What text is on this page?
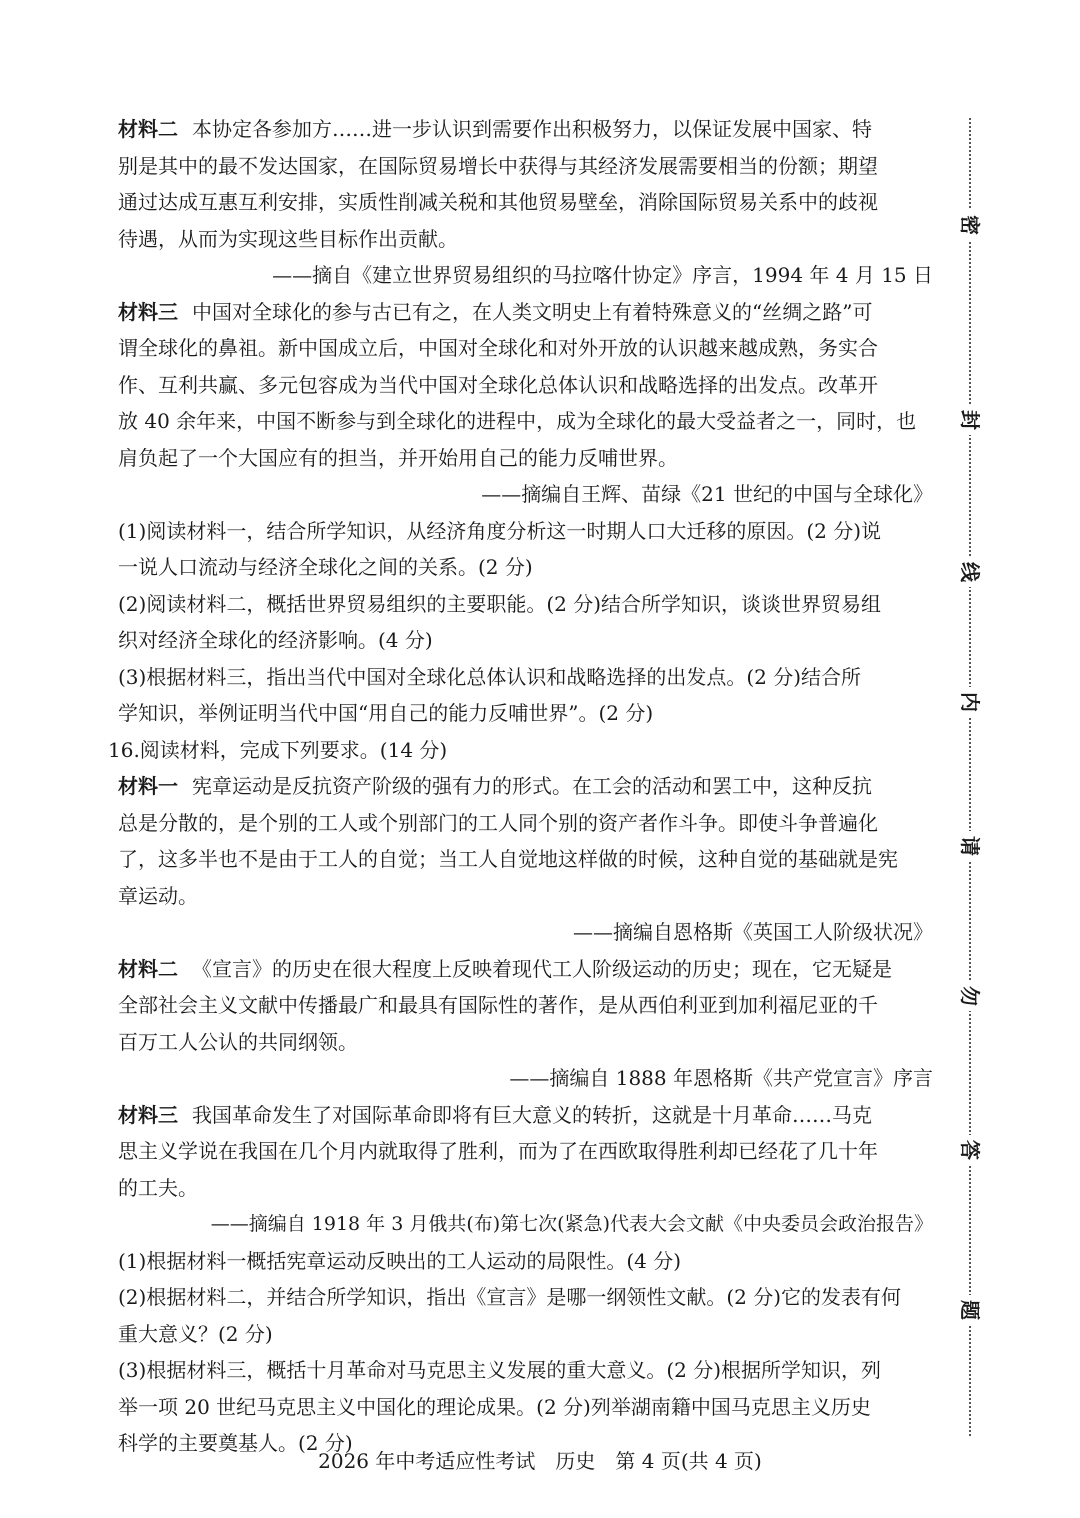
材料二 本协定各参加方……进一步认识到需要作出积极努力，以保证发展中国家、特
别是其中的最不发达国家，在国际贸易增长中获得与其经济发展需要相当的份额；期望
通过达成互惠互利安排，实质性削减关税和其他贸易壁垒，消除国际贸易关系中的歧视
待遇，从而为实现这些目标作出贡献。
——摘自《建立世界贸易组织的马拉喀什协定》序言，1994 年 4 月 15 日
材料三 中国对全球化的参与古已有之，在人类文明史上有着特殊意义的“丝绸之路”可
谓全球化的鼻祖。新中国成立后，中国对全球化和对外开放的认识越来越成熟，务实合
作、互利共赢、多元包容成为当代中国对全球化总体认识和战略选择的出发点。改革开
放 40 余年来，中国不断参与到全球化的进程中，成为全球化的最大受益者之一，同时，也
肩负起了一个大国应有的担当，并开始用自己的能力反哺世界。
——摘编自王辉、苗绿《21 世纪的中国与全球化》
(1)阅读材料一，结合所学知识，从经济角度分析这一时期人口大迁移的原因。(2 分)说
一说人口流动与经济全球化之间的关系。(2 分)
(2)阅读材料二，概括世界贸易组织的主要职能。(2 分)结合所学知识，谈谈世界贸易组
织对经济全球化的经济影响。(4 分)
(3)根据材料三，指出当代中国对全球化总体认识和战略选择的出发点。(2 分)结合所
学知识，举例证明当代中国“用自己的能力反哺世界”。(2 分)
16.阅读材料，完成下列要求。(14 分)
材料一 宪章运动是反抗资产阶级的强有力的形式。在工会的活动和罢工中，这种反抗
总是分散的，是个别的工人或个别部门的工人同个别的资产者作斗争。即使斗争普遍化
了，这多半也不是由于工人的自觉；当工人自觉地这样做的时候，这种自觉的基础就是宪
章运动。
——摘编自恩格斯《英国工人阶级状况》
材料二 《宣言》的历史在很大程度上反映着现代工人阶级运动的历史；现在，它无疑是
全部社会主义文献中传播最广和最具有国际性的著作，是从西伯利亚到加利福尼亚的千
百万工人公认的共同纲领。
——摘编自 1888 年恩格斯《共产党宣言》序言
材料三 我国革命发生了对国际革命即将有巨大意义的转折，这就是十月革命……马克
思主义学说在我国在几个月内就取得了胜利，而为了在西欧取得胜利却已经花了几十年
的工夫。
——摘编自 1918 年 3 月俄共(布)第七次(紧急)代表大会文献《中央委员会政治报告》
(1)根据材料一概括宪章运动反映出的工人运动的局限性。(4 分)
(2)根据材料二，并结合所学知识，指出《宣言》是哪一纲领性文献。(2 分)它的发表有何
重大意义？(2 分)
(3)根据材料三，概括十月革命对马克思主义发展的重大意义。(2 分)根据所学知识，列
举一项 20 世纪马克思主义中国化的理论成果。(2 分)列举湖南籍中国马克思主义历史
科学的主要奠基人。(2 分)
密
封
线
内
请
勿
答
题
2026 年中考适应性考试　历史　第 4 页(共 4 页)
